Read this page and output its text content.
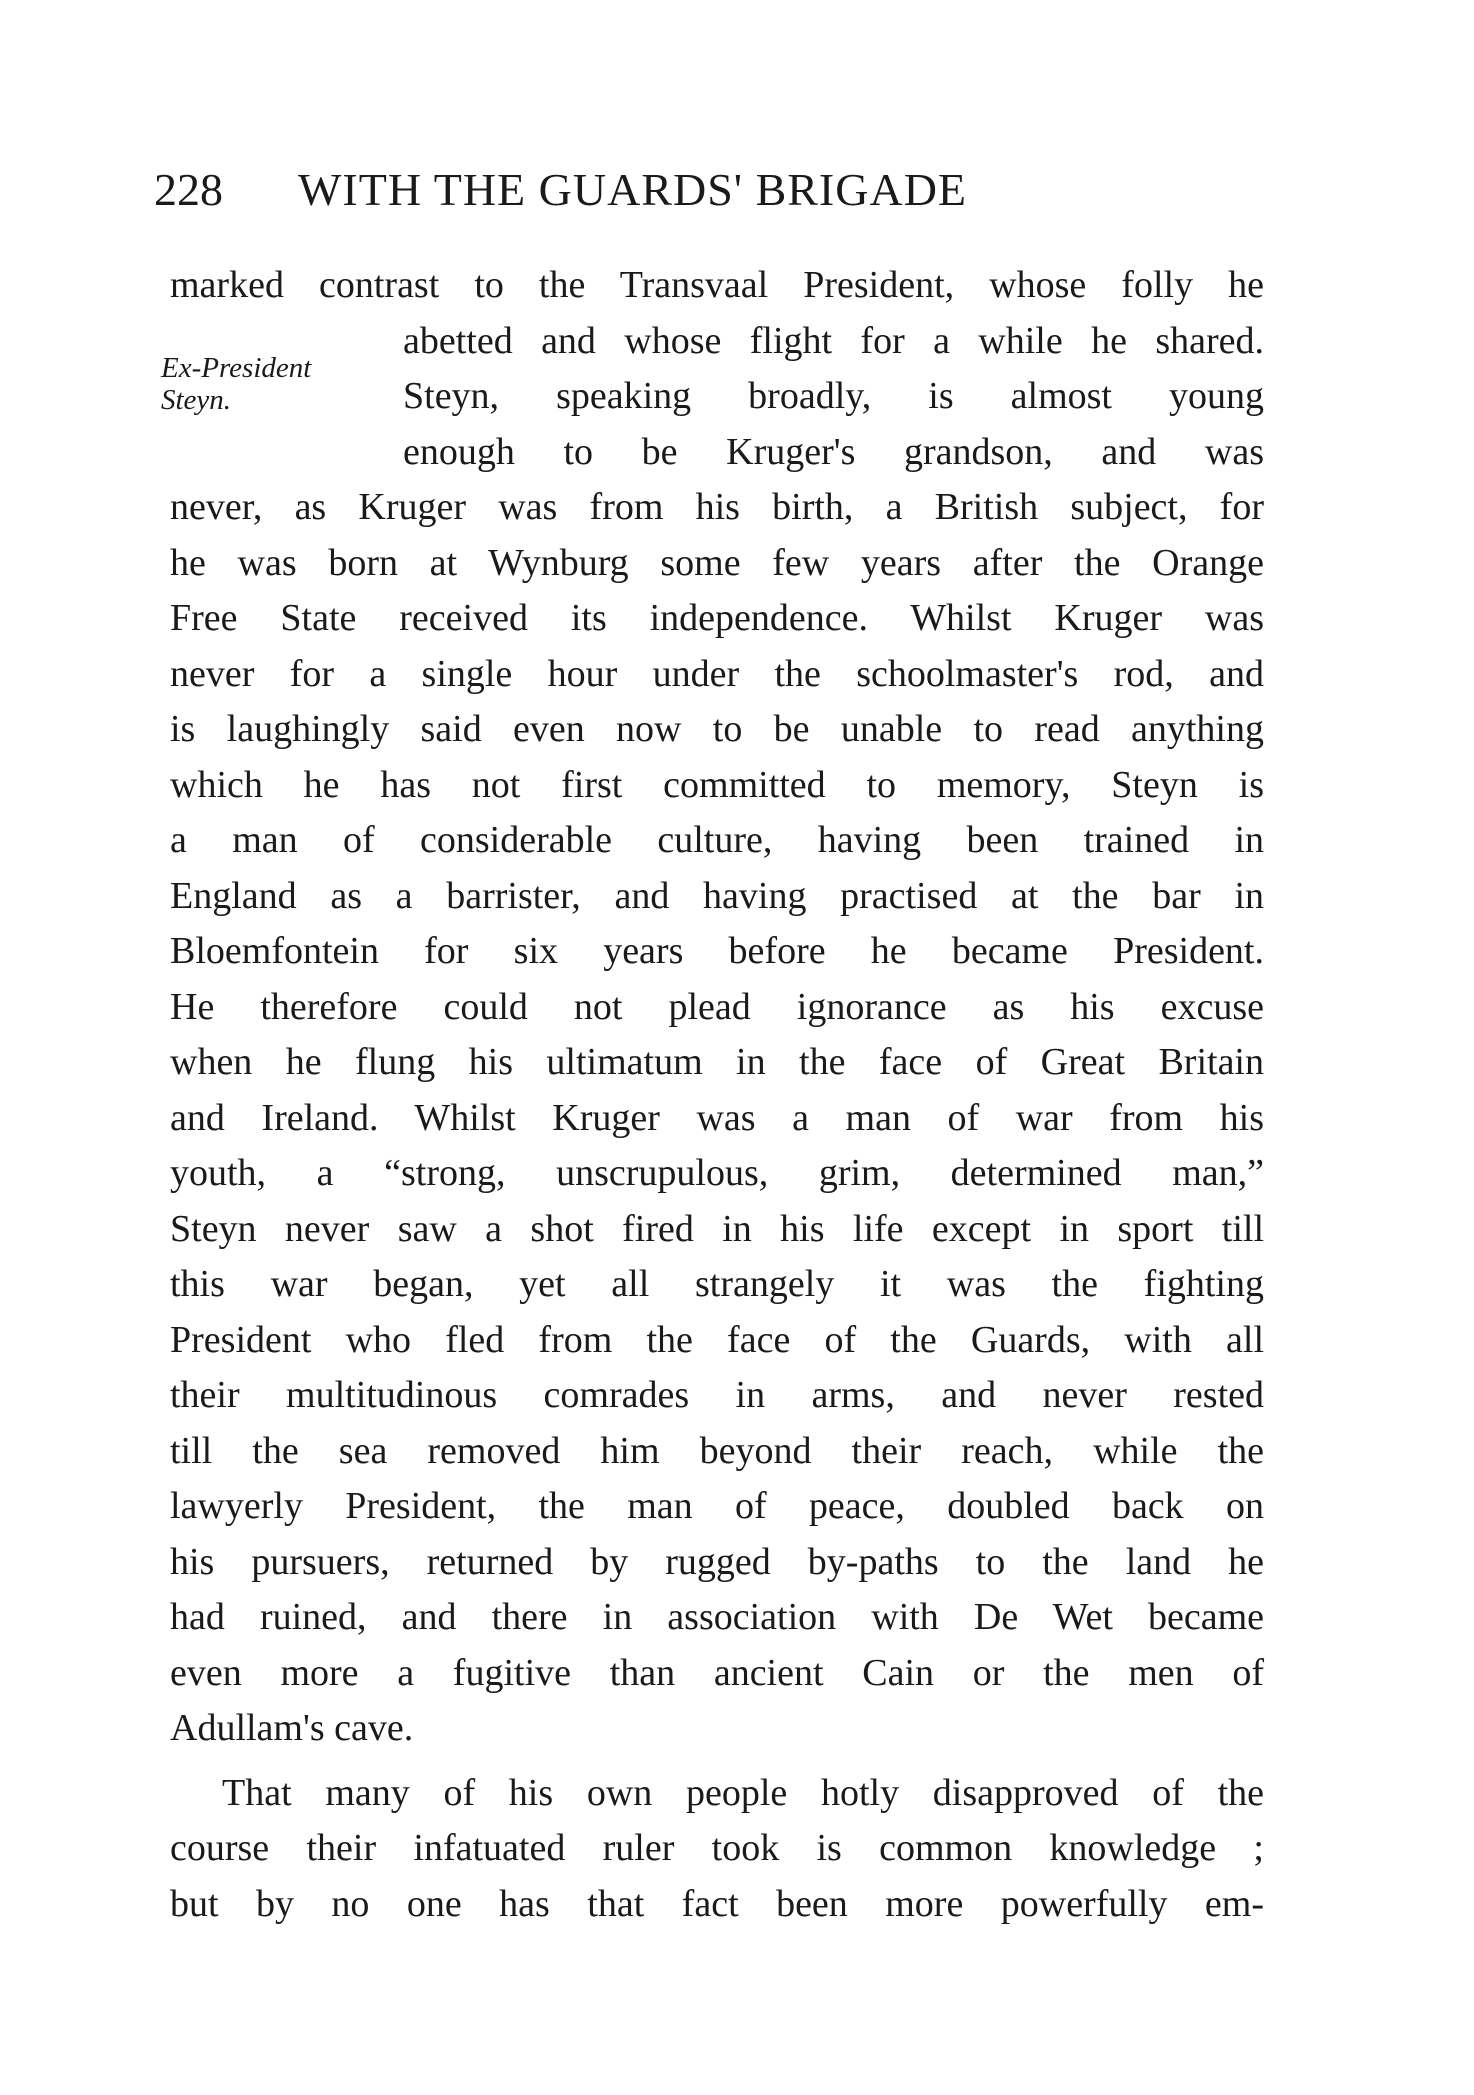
228 WITH THE GUARDS' BRIGADE
Ex-President
Steyn.
marked contrast to the Transvaal President, whose folly he
abetted and whose flight for a while he shared.
Steyn, speaking broadly, is almost young
enough to be Kruger's grandson, and was
never, as Kruger was from his birth, a British subject, for
he was born at Wynburg some few years after the Orange
Free State received its independence. Whilst Kruger was
never for a single hour under the schoolmaster's rod, and
is laughingly said even now to be unable to read anything
which he has not first committed to memory, Steyn is
a man of considerable culture, having been trained in
England as a barrister, and having practised at the bar in
Bloemfontein for six years before he became President.
He therefore could not plead ignorance as his excuse
when he flung his ultimatum in the face of Great Britain
and Ireland. Whilst Kruger was a man of war from his
youth, a “strong, unscrupulous, grim, determined man,”
Steyn never saw a shot fired in his life except in sport till
this war began, yet all strangely it was the fighting
President who fled from the face of the Guards, with all
their multitudinous comrades in arms, and never rested
till the sea removed him beyond their reach, while the
lawyerly President, the man of peace, doubled back on
his pursuers, returned by rugged by-paths to the land he
had ruined, and there in association with De Wet became
even more a fugitive than ancient Cain or the men of
Adullam's cave.
That many of his own people hotly disapproved of the
course their infatuated ruler took is common knowledge ;
but by no one has that fact been more powerfully em-
